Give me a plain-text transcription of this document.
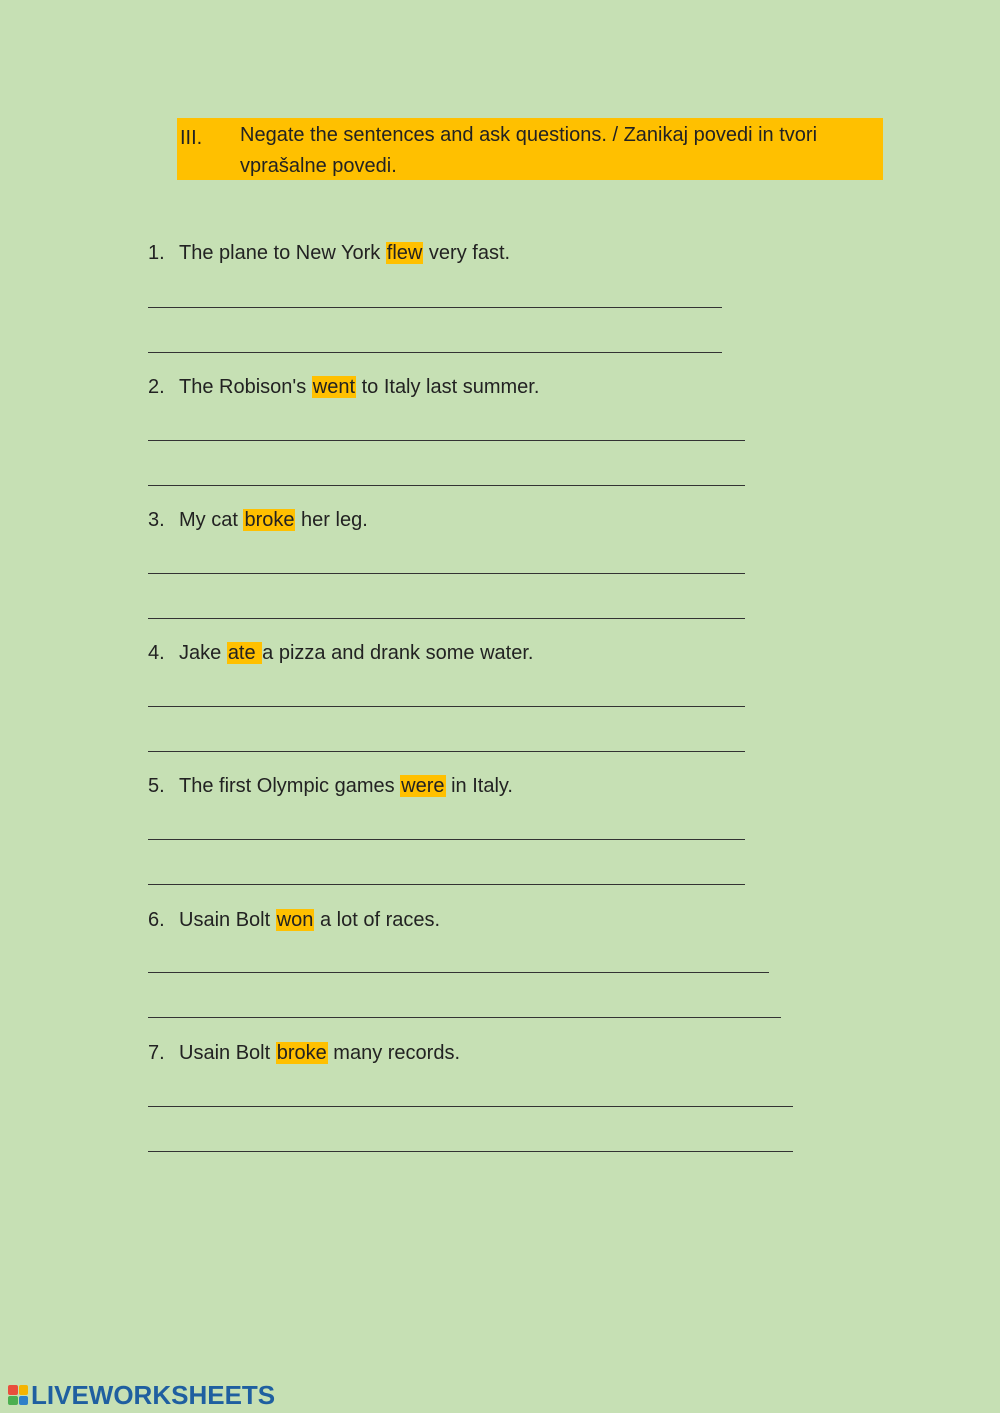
III. Negate the sentences and ask questions. / Zanikaj povedi in tvori vprašalne povedi.
1. The plane to New York flew very fast.
2. The Robison's went to Italy last summer.
3. My cat broke her leg.
4. Jake ate a pizza and drank some water.
5. The first Olympic games were in Italy.
6. Usain Bolt won a lot of races.
7. Usain Bolt broke many records.
LIVEWORKSHEETS
